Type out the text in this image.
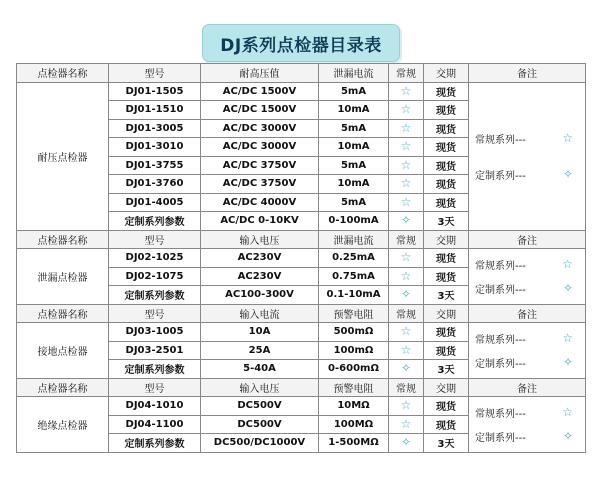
DJ系列点检器目录表
点检器名称	型号	耐高压值	泄漏电流	常规	交期	备注
耐压点检器	DJ01-1505	AC/DC 1500V	5mA	☆	现货	常规系列--- ☆
定制系列--- ✧

	DJ01-1510	AC/DC 1500V	10mA	☆	现货	
	DJ01-3005	AC/DC 3000V	5mA	☆	现货	
	DJ01-3010	AC/DC 3000V	10mA	☆	现货	
	DJ01-3755	AC/DC 3750V	5mA	☆	现货	
	DJ01-3760	AC/DC 3750V	10mA	☆	现货	
	DJ01-4005	AC/DC 4000V	5mA	☆	现货	
	定制系列参数	AC/DC 0-10KV	0-100mA	✧	3天	
点检器名称	型号	输入电压	泄漏电流	常规	交期	备注
泄漏点检器	DJ02-1025	AC230V	0.25mA	☆	现货	常规系列--- ☆
定制系列--- ✧

	DJ02-1075	AC230V	0.75mA	☆	现货	
	定制系列参数	AC100-300V	0.1-10mA	✧	3天	
点检器名称	型号	输入电流	预警电阻	常规	交期	备注
接地点检器	DJ03-1005	10A	500mΩ	☆	现货	常规系列--- ☆
定制系列--- ✧

	DJ03-2501	25A	100mΩ	☆	现货	
	定制系列参数	5-40A	0-600mΩ	✧	3天	
点检器名称	型号	输入电压	预警电阻	常规	交期	备注
绝缘点检器	DJ04-1010	DC500V	10MΩ	☆	现货	常规系列--- ☆
定制系列--- ✧

	DJ04-1100	DC500V	100MΩ	☆	现货	
	定制系列参数	DC500/DC1000V	1-500MΩ	✧	3天	
